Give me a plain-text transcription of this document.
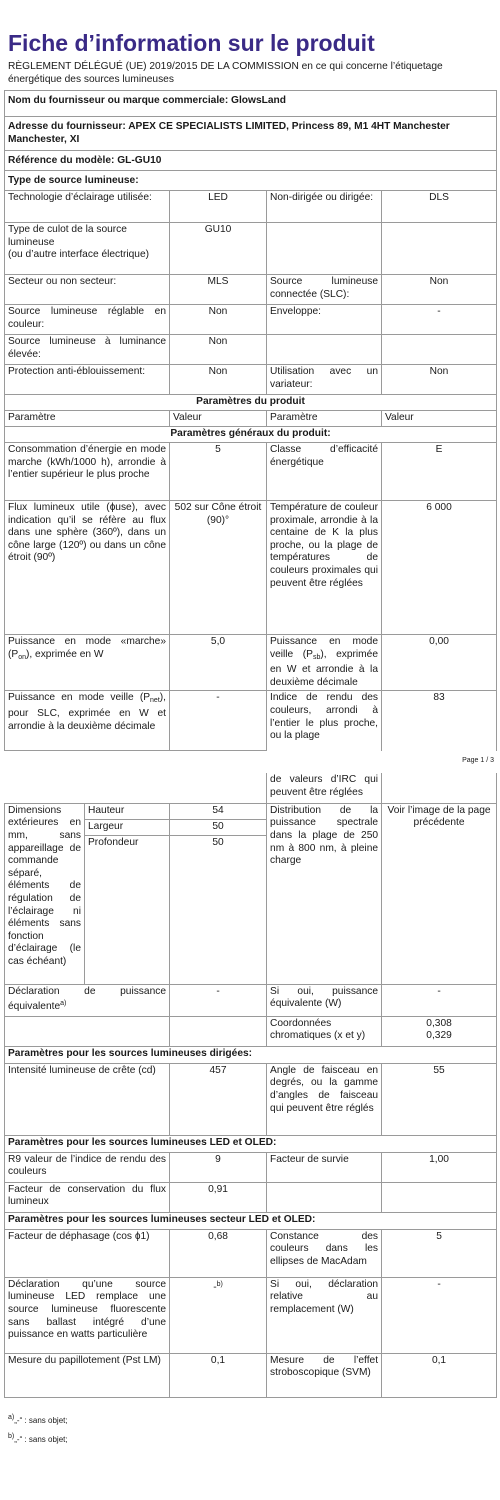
Fiche d’information sur le produit
RÈGLEMENT DÉLÉGUÉ (UE) 2019/2015 DE LA COMMISSION en ce qui concerne l’étiquetage énergétique des sources lumineuses
Nom du fournisseur ou marque commerciale: GlowsLand			
Adresse du fournisseur: APEX CE SPECIALISTS LIMITED, Princess 89, M1 4HT Manchester Manchester, XI			
Référence du modèle: GL-GU10			
Type de source lumineuse:			
Technologie d’éclairage utilisée:	LED	Non-dirigée ou dirigée:	DLS
Type de culot de la source lumineuse
(ou d’autre interface électrique)	GU10		
Secteur ou non secteur:	MLS	Source lumineuse connectée (SLC):	Non
Source lumineuse réglable en couleur:	Non	Enveloppe:	-
Source lumineuse à luminance élevée:	Non		
Protection anti-éblouissement:	Non	Utilisation avec un variateur:	Non
Paramètres du produit			
Paramètre	Valeur	Paramètre	Valeur
Paramètres généraux du produit:			
Consommation d’énergie en mode marche (kWh/1000 h), arrondie à l’entier supérieur le plus proche	5	Classe d’efficacité énergétique	E
Flux lumineux utile (ɸuse), avec indication qu’il se réfère au flux dans une sphère (360º), dans un cône large (120º) ou dans un cône étroit (90º)	502 sur Cône étroit (90)°	Température de couleur proximale, arrondie à la centaine de K la plus proche, ou la plage de températures de couleurs proximales qui peuvent être réglées	6 000
Puissance en mode «marche» $(P_{on})$, exprimée en W	5,0	Puissance en mode veille $(P_{sb})$, exprimée en W et arrondie à la deuxième décimale	0,00
Puissance en mode veille $(P_{net})$, pour SLC, exprimée en W et arrondie à la deuxième décimale	-	Indice de rendu des couleurs, arrondi à l’entier le plus proche, ou la plage	83
Page 1 / 3
			de valeurs d’IRC qui peuvent être réglées	
Dimensions extérieures en mm, sans appareillage de commande séparé, éléments de régulation de l’éclairage ni éléments sans fonction d’éclairage (le cas échéant)	Hauteur	54	Distribution de la puissance spectrale dans la plage de 250 nm à 800 nm, à pleine charge	Voir l’image de la page précédente
	Largeur	50		
	Profondeur	50		
Déclaration de puissance équivalente$^{a)}$		-	Si oui, puissance équivalente (W)	-
			Coordonnées chromatiques (x et y)	0,308
0,329
Paramètres pour les sources lumineuses dirigées:				
Intensité lumineuse de crête (cd)		457	Angle de faisceau en degrés, ou la gamme d’angles de faisceau qui peuvent être réglés	55
Paramètres pour les sources lumineuses LED et OLED:				
R9 valeur de l’indice de rendu des couleurs		9	Facteur de survie	1,00
Facteur de conservation du flux lumineux		0,91		
Paramètres pour les sources lumineuses secteur LED et OLED:				
Facteur de déphasage (cos ɸ1)		0,68	Constance des couleurs dans les ellipses de MacAdam	5
Déclaration qu’une source lumineuse LED remplace une source lumineuse fluorescente sans ballast intégré d’une puissance en watts particulière		-$^{b)}$	Si oui, déclaration relative au remplacement (W)	-
Mesure du papillotement (Pst LM)		0,1	Mesure de l’effet stroboscopique (SVM)	0,1
a)„-“ : sans objet;
b)„-“ : sans objet;
